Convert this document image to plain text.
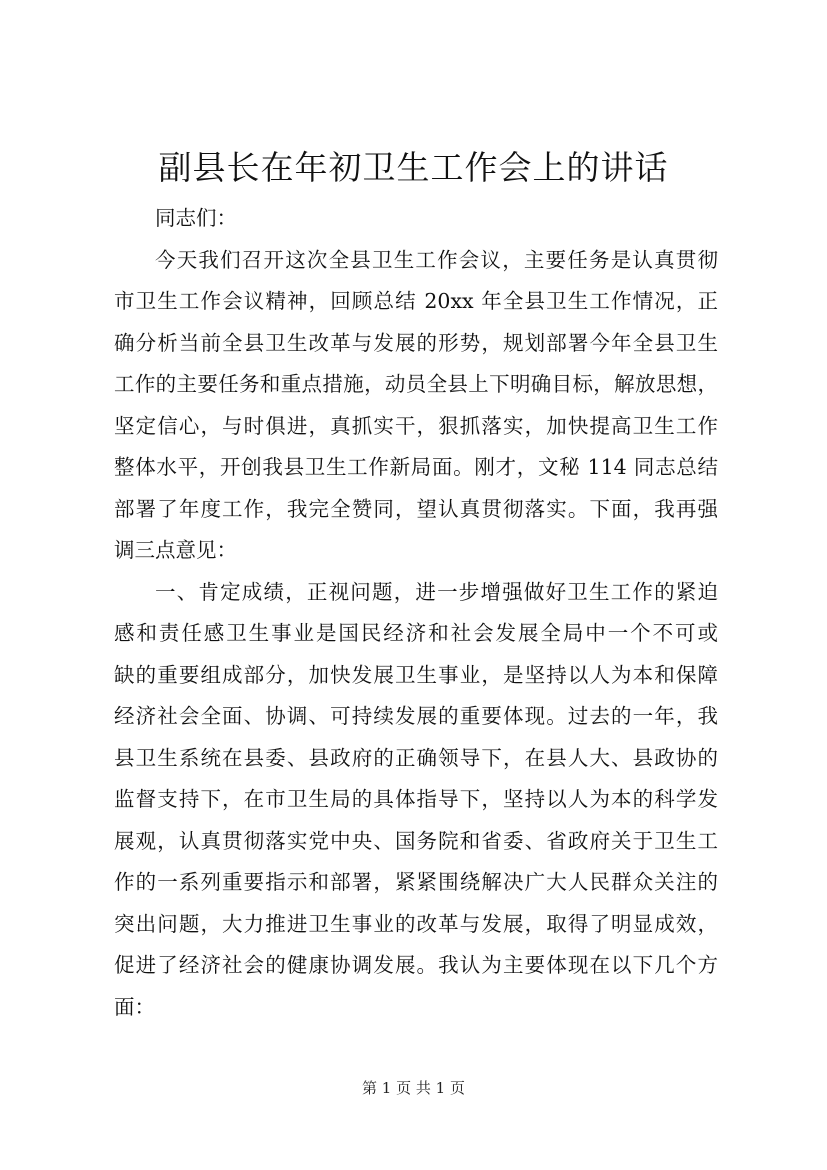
副县长在年初卫生工作会上的讲话
同志们：
今天我们召开这次全县卫生工作会议，主要任务是认真贯彻
市卫生工作会议精神，回顾总结 20xx 年全县卫生工作情况，正
确分析当前全县卫生改革与发展的形势，规划部署今年全县卫生
工作的主要任务和重点措施，动员全县上下明确目标，解放思想，
坚定信心，与时俱进，真抓实干，狠抓落实，加快提高卫生工作
整体水平，开创我县卫生工作新局面。刚才，文秘 114 同志总结
部署了年度工作，我完全赞同，望认真贯彻落实。下面，我再强
调三点意见：
一、肯定成绩，正视问题，进一步增强做好卫生工作的紧迫
感和责任感卫生事业是国民经济和社会发展全局中一个不可或
缺的重要组成部分，加快发展卫生事业，是坚持以人为本和保障
经济社会全面、协调、可持续发展的重要体现。过去的一年，我
县卫生系统在县委、县政府的正确领导下，在县人大、县政协的
监督支持下，在市卫生局的具体指导下，坚持以人为本的科学发
展观，认真贯彻落实党中央、国务院和省委、省政府关于卫生工
作的一系列重要指示和部署，紧紧围绕解决广大人民群众关注的
突出问题，大力推进卫生事业的改革与发展，取得了明显成效，
促进了经济社会的健康协调发展。我认为主要体现在以下几个方
面：
第 1 页 共 1 页
